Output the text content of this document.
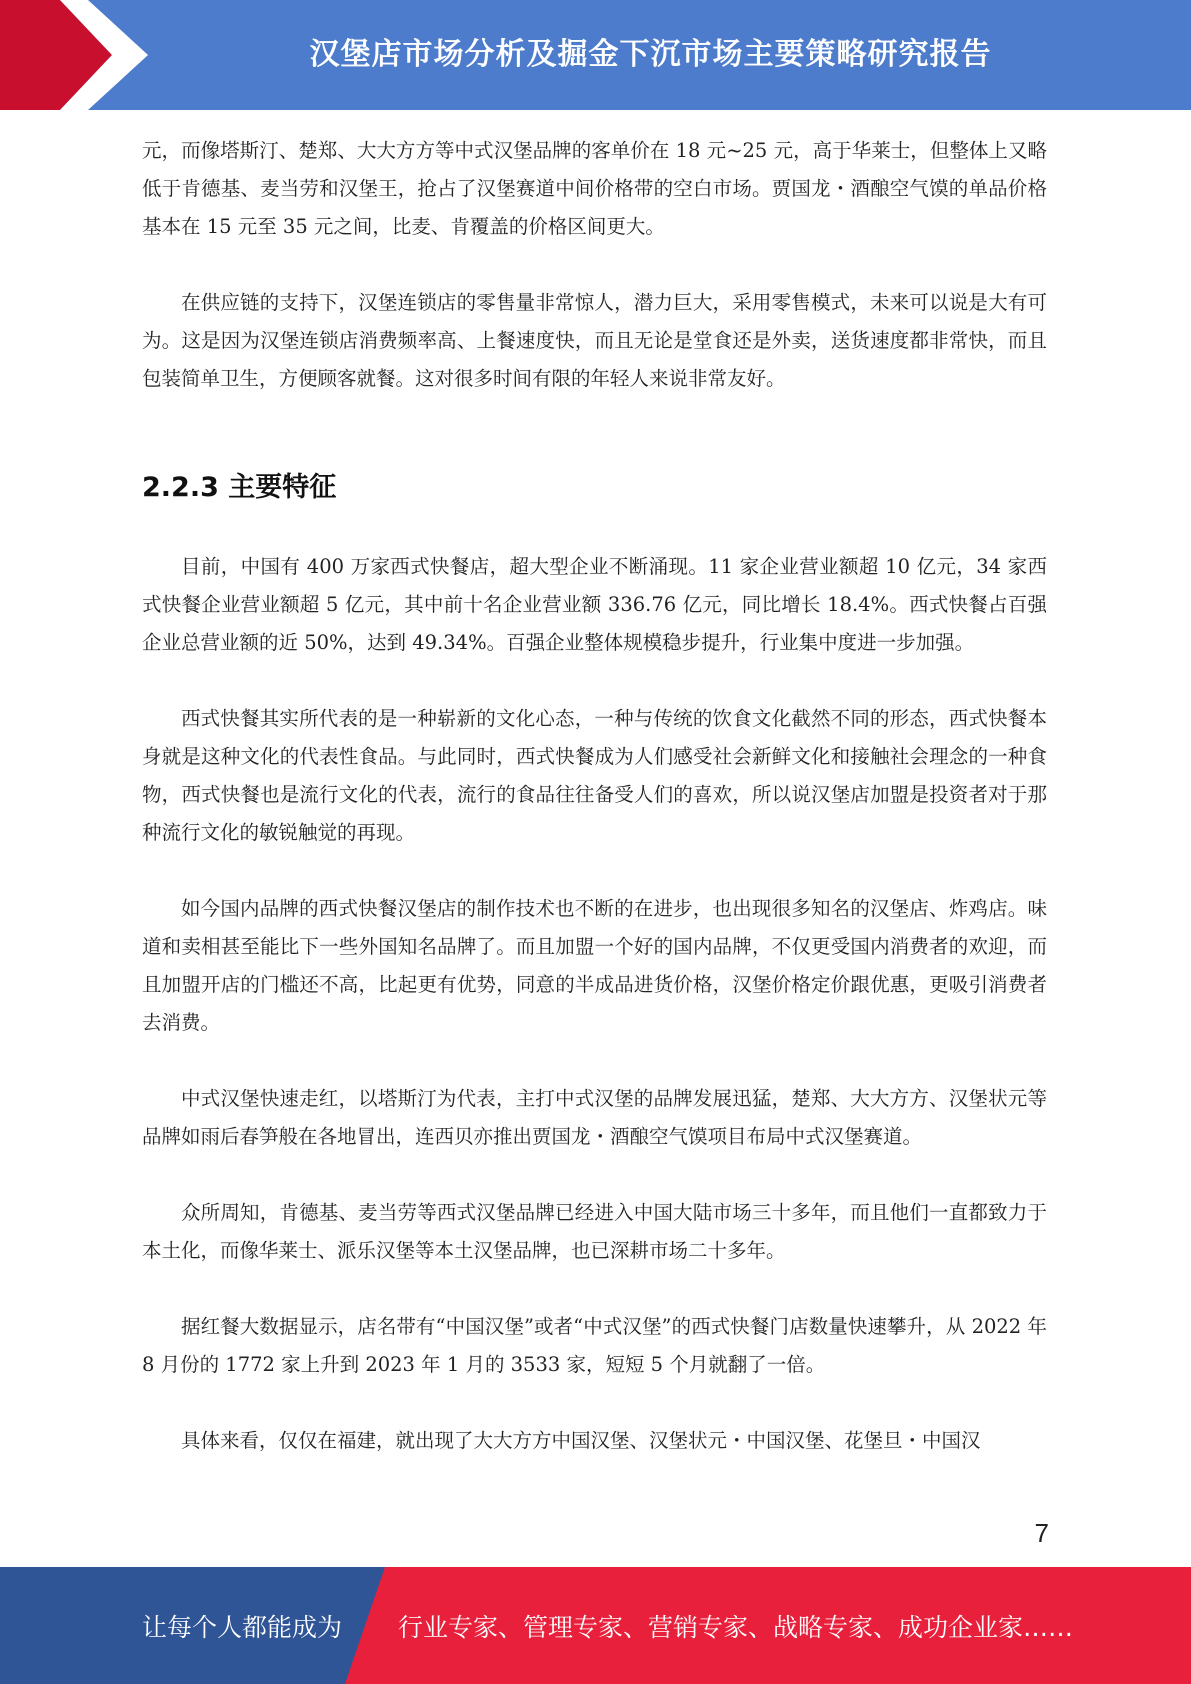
汉堡店市场分析及掘金下沉市场主要策略研究报告

元，而像塔斯汀、楚郑、大大方方等中式汉堡品牌的客单价在 18 元~25 元，高于华莱士，但整体上又略低于肯德基、麦当劳和汉堡王，抢占了汉堡赛道中间价格带的空白市场。贾国龙・酒酿空气馍的单品价格基本在 15 元至 35 元之间，比麦、肯覆盖的价格区间更大。

在供应链的支持下，汉堡连锁店的零售量非常惊人，潜力巨大，采用零售模式，未来可以说是大有可为。这是因为汉堡连锁店消费频率高、上餐速度快，而且无论是堂食还是外卖，送货速度都非常快，而且包装简单卫生，方便顾客就餐。这对很多时间有限的年轻人来说非常友好。

2.2.3 主要特征

目前，中国有 400 万家西式快餐店，超大型企业不断涌现。11 家企业营业额超 10 亿元，34 家西式快餐企业营业额超 5 亿元，其中前十名企业营业额 336.76 亿元，同比增长 18.4%。西式快餐占百强企业总营业额的近 50%，达到 49.34%。百强企业整体规模稳步提升，行业集中度进一步加强。

西式快餐其实所代表的是一种崭新的文化心态，一种与传统的饮食文化截然不同的形态，西式快餐本身就是这种文化的代表性食品。与此同时，西式快餐成为人们感受社会新鲜文化和接触社会理念的一种食物，西式快餐也是流行文化的代表，流行的食品往往备受人们的喜欢，所以说汉堡店加盟是投资者对于那种流行文化的敏锐触觉的再现。

如今国内品牌的西式快餐汉堡店的制作技术也不断的在进步，也出现很多知名的汉堡店、炸鸡店。味道和卖相甚至能比下一些外国知名品牌了。而且加盟一个好的国内品牌，不仅更受国内消费者的欢迎，而且加盟开店的门槛还不高，比起更有优势，同意的半成品进货价格，汉堡价格定价跟优惠，更吸引消费者去消费。

中式汉堡快速走红，以塔斯汀为代表，主打中式汉堡的品牌发展迅猛，楚郑、大大方方、汉堡状元等品牌如雨后春笋般在各地冒出，连西贝亦推出贾国龙・酒酿空气馍项目布局中式汉堡赛道。

众所周知，肯德基、麦当劳等西式汉堡品牌已经进入中国大陆市场三十多年，而且他们一直都致力于本土化，而像华莱士、派乐汉堡等本土汉堡品牌，也已深耕市场二十多年。

据红餐大数据显示，店名带有“中国汉堡”或者“中式汉堡”的西式快餐门店数量快速攀升，从 2022 年 8 月份的 1772 家上升到 2023 年 1 月的 3533 家，短短 5 个月就翻了一倍。

具体来看，仅仅在福建，就出现了大大方方中国汉堡、汉堡状元・中国汉堡、花堡旦・中国汉

7
让每个人都能成为 行业专家、管理专家、营销专家、战略专家、成功企业家……
